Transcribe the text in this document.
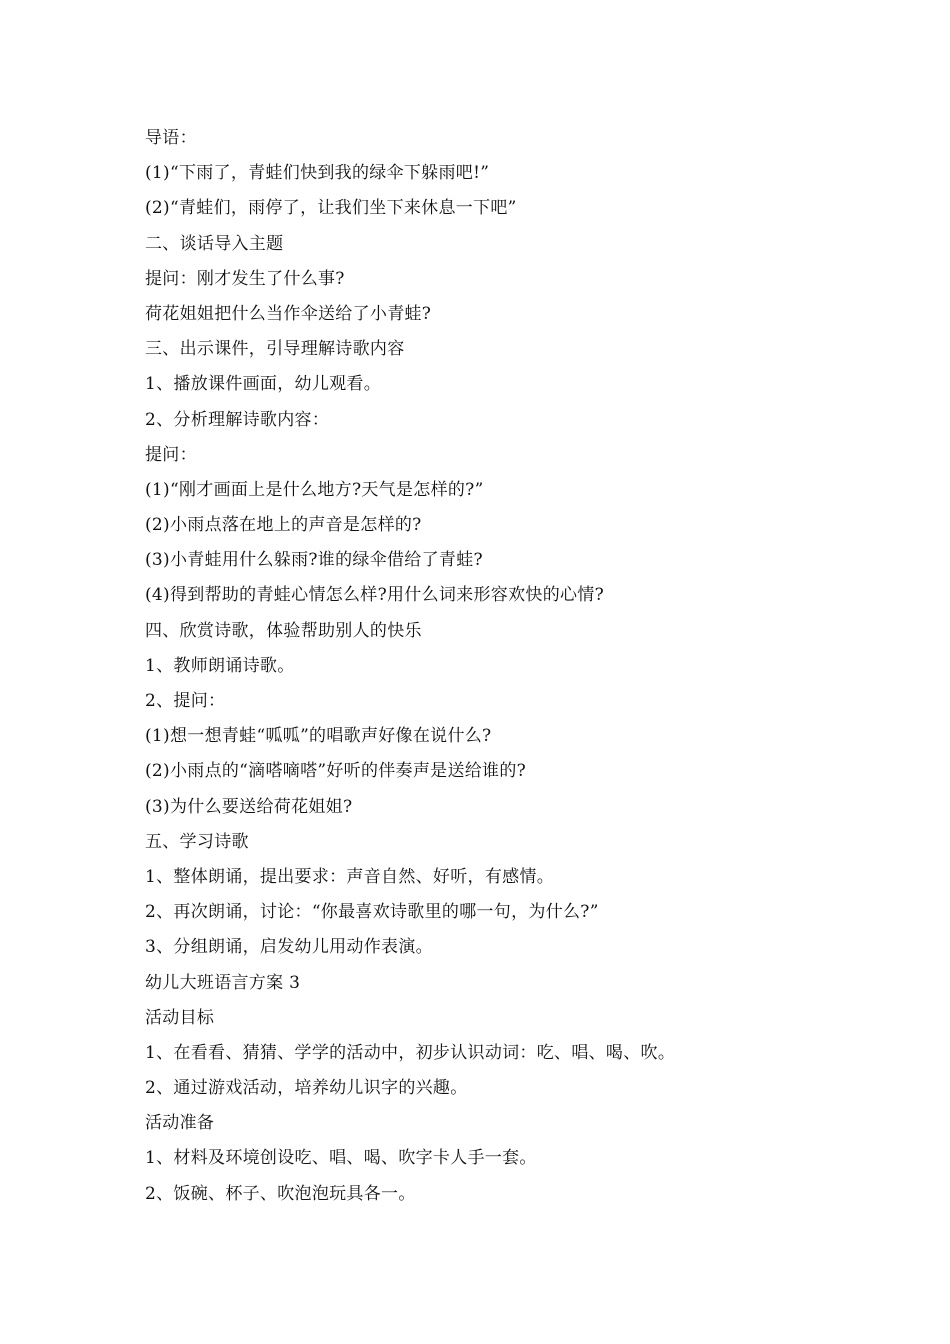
导语：
(1)“下雨了，青蛙们快到我的绿伞下躲雨吧!”
(2)“青蛙们，雨停了，让我们坐下来休息一下吧”
二、谈话导入主题
提问：刚才发生了什么事?
荷花姐姐把什么当作伞送给了小青蛙?
三、出示课件，引导理解诗歌内容
1、播放课件画面，幼儿观看。
2、分析理解诗歌内容：
提问：
(1)“刚才画面上是什么地方?天气是怎样的?”
(2)小雨点落在地上的声音是怎样的?
(3)小青蛙用什么躲雨?谁的绿伞借给了青蛙?
(4)得到帮助的青蛙心情怎么样?用什么词来形容欢快的心情?
四、欣赏诗歌，体验帮助别人的快乐
1、教师朗诵诗歌。
2、提问：
(1)想一想青蛙“呱呱”的唱歌声好像在说什么?
(2)小雨点的“滴嗒嘀嗒”好听的伴奏声是送给谁的?
(3)为什么要送给荷花姐姐?
五、学习诗歌
1、整体朗诵，提出要求：声音自然、好听，有感情。
2、再次朗诵，讨论：“你最喜欢诗歌里的哪一句，为什么?”
3、分组朗诵，启发幼儿用动作表演。
幼儿大班语言方案 3
活动目标
1、在看看、猜猜、学学的活动中，初步认识动词：吃、唱、喝、吹。
2、通过游戏活动，培养幼儿识字的兴趣。
活动准备
1、材料及环境创设吃、唱、喝、吹字卡人手一套。
2、饭碗、杯子、吹泡泡玩具各一。
